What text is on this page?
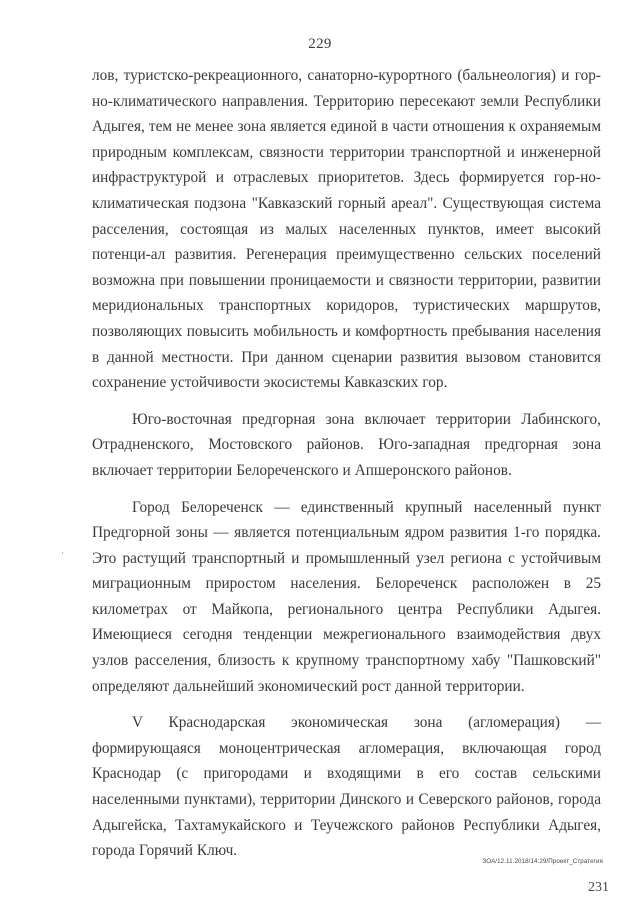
229

лов, туристско-рекреационного, санаторно-курортного (бальнеология) и гор-но-климатического направления. Территорию пересекают земли Республики Адыгея, тем не менее зона является единой в части отношения к охраняемым природным комплексам, связности территории транспортной и инженерной инфраструктурой и отраслевых приоритетов. Здесь формируется гор-но-климатическая подзона "Кавказский горный ареал". Существующая система расселения, состоящая из малых населенных пунктов, имеет высокий потенци-ал развития. Регенерация преимущественно сельских поселений возможна при повышении проницаемости и связности территории, развитии меридиональных транспортных коридоров, туристических маршрутов, позволяющих повысить мобильность и комфортность пребывания населения в данной местности. При данном сценарии развития вызовом становится сохранение устойчивости экосистемы Кавказских гор.

Юго-восточная предгорная зона включает территории Лабинского, Отрадненского, Мостовского районов. Юго-западная предгорная зона включает территории Белореченского и Апшеронского районов.

Город Белореченск — единственный крупный населенный пункт Предгорной зоны — является потенциальным ядром развития 1-го порядка. Это растущий транспортный и промышленный узел региона с устойчивым миграционным приростом населения. Белореченск расположен в 25 километрах от Майкопа, регионального центра Республики Адыгея. Имеющиеся сегодня тенденции межрегионального взаимодействия двух узлов расселения, близость к крупному транспортному хабу "Пашковский" определяют дальнейший экономический рост данной территории.

V Краснодарская экономическая зона (агломерация) — формирующаяся моноцентрическая агломерация, включающая город Краснодар (с пригородами и входящими в его состав сельскими населенными пунктами), территории Динского и Северского районов, города Адыгейска, Тахтамукайского и Теучежского районов Республики Адыгея, города Горячий Ключ.

·
ЗОА/12.11.2018/14:29/Проект_Стратегия
231
